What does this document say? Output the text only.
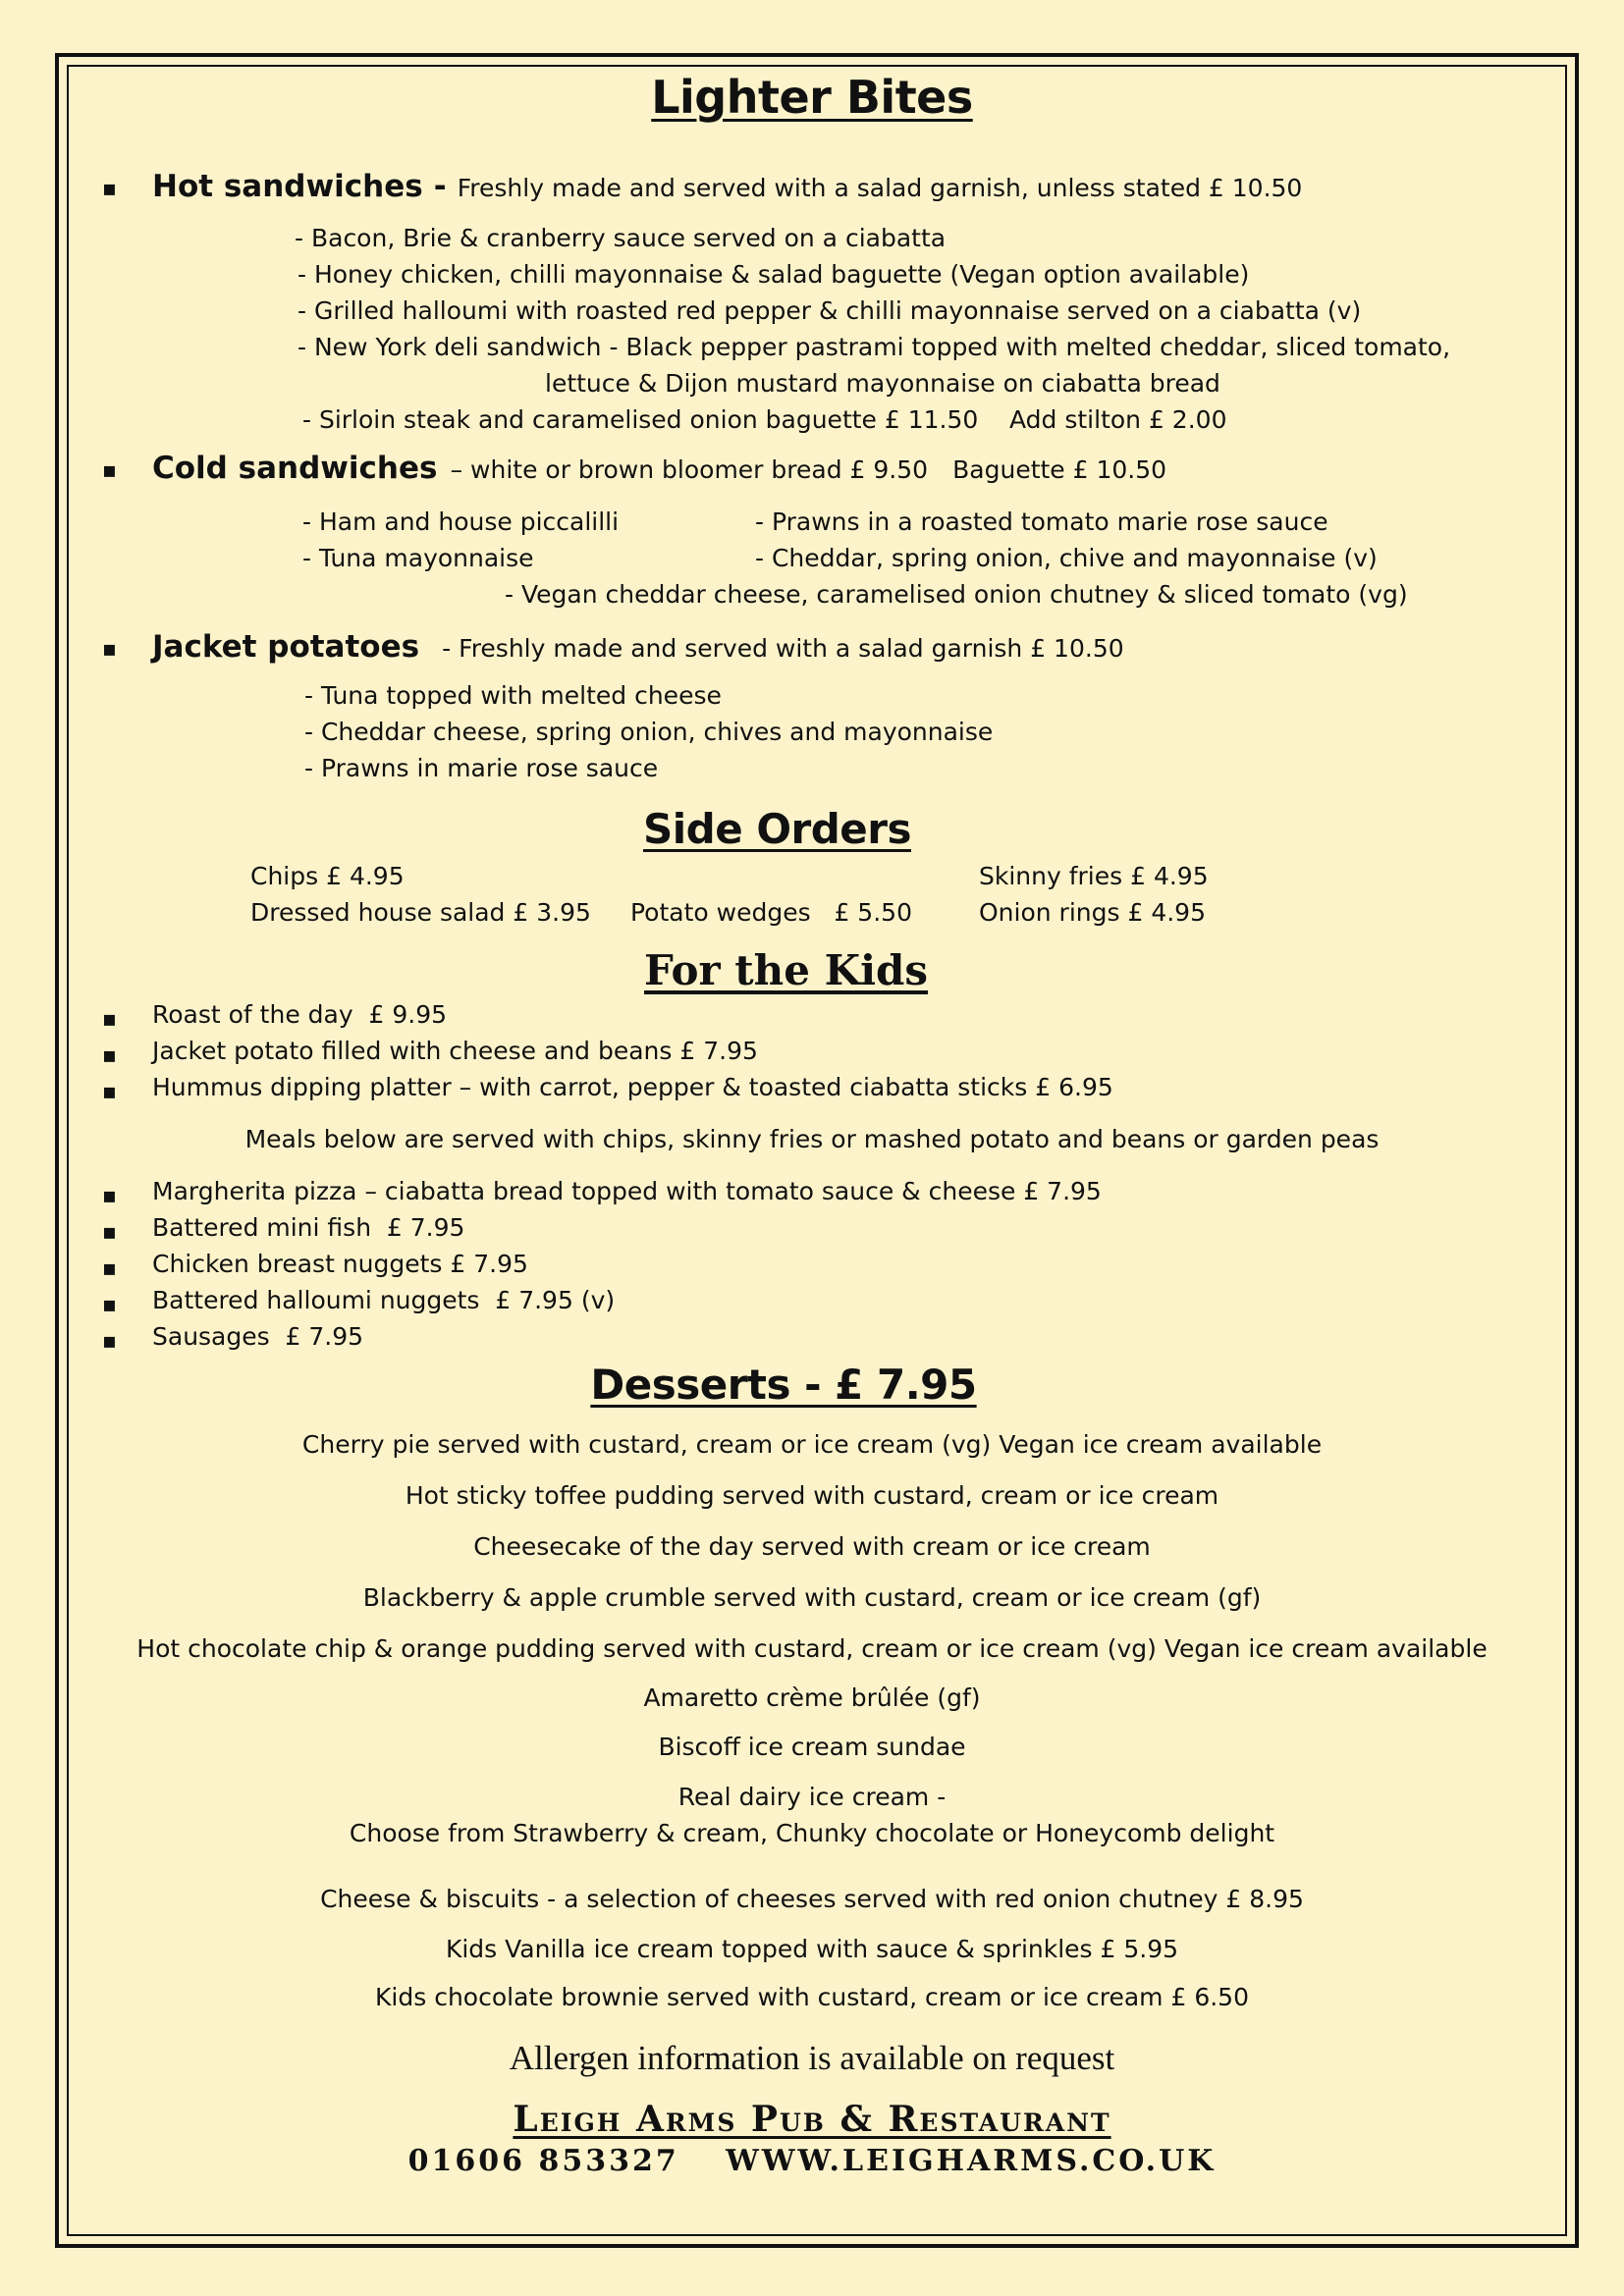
Lighter Bites
▪ Hot sandwiches - Freshly made and served with a salad garnish, unless stated £ 10.50
- Bacon, Brie & cranberry sauce served on a ciabatta
- Honey chicken, chilli mayonnaise & salad baguette (Vegan option available)
- Grilled halloumi with roasted red pepper & chilli mayonnaise served on a ciabatta (v)
- New York deli sandwich - Black pepper pastrami topped with melted cheddar, sliced tomato,
lettuce & Dijon mustard mayonnaise on ciabatta bread
- Sirloin steak and caramelised onion baguette £ 11.50 Add stilton £ 2.00
▪ Cold sandwiches – white or brown bloomer bread £ 9.50 Baguette £ 10.50
- Ham and house piccalilli	- Prawns in a roasted tomato marie rose sauce
- Tuna mayonnaise	- Cheddar, spring onion, chive and mayonnaise (v)
- Vegan cheddar cheese, caramelised onion chutney & sliced tomato (vg)
▪ Jacket potatoes - Freshly made and served with a salad garnish £ 10.50
- Tuna topped with melted cheese
- Cheddar cheese, spring onion, chives and mayonnaise
- Prawns in marie rose sauce
Side Orders
Chips £ 4.95	Skinny fries £ 4.95
Dressed house salad £ 3.95 Potato wedges   £ 5.50	Onion rings £ 4.95
For the Kids
▪ Roast of the day  £ 9.95
▪ Jacket potato filled with cheese and beans £ 7.95
▪ Hummus dipping platter – with carrot, pepper & toasted ciabatta sticks £ 6.95
Meals below are served with chips, skinny fries or mashed potato and beans or garden peas
▪ Margherita pizza – ciabatta bread topped with tomato sauce & cheese £ 7.95
▪ Battered mini fish  £ 7.95
▪ Chicken breast nuggets £ 7.95
▪ Battered halloumi nuggets  £ 7.95 (v)
▪ Sausages  £ 7.95
Desserts - £ 7.95
Cherry pie served with custard, cream or ice cream (vg) Vegan ice cream available
Hot sticky toffee pudding served with custard, cream or ice cream
Cheesecake of the day served with cream or ice cream
Blackberry & apple crumble served with custard, cream or ice cream (gf)
Hot chocolate chip & orange pudding served with custard, cream or ice cream (vg) Vegan ice cream available
Amaretto crème brûlée (gf)
Biscoff ice cream sundae
Real dairy ice cream -
Choose from Strawberry & cream, Chunky chocolate or Honeycomb delight
Cheese & biscuits - a selection of cheeses served with red onion chutney £ 8.95
Kids Vanilla ice cream topped with sauce & sprinkles £ 5.95
Kids chocolate brownie served with custard, cream or ice cream £ 6.50
Allergen information is available on request
Leigh Arms Pub & Restaurant
01606 853327 WWW.LEIGHARMS.CO.UK
